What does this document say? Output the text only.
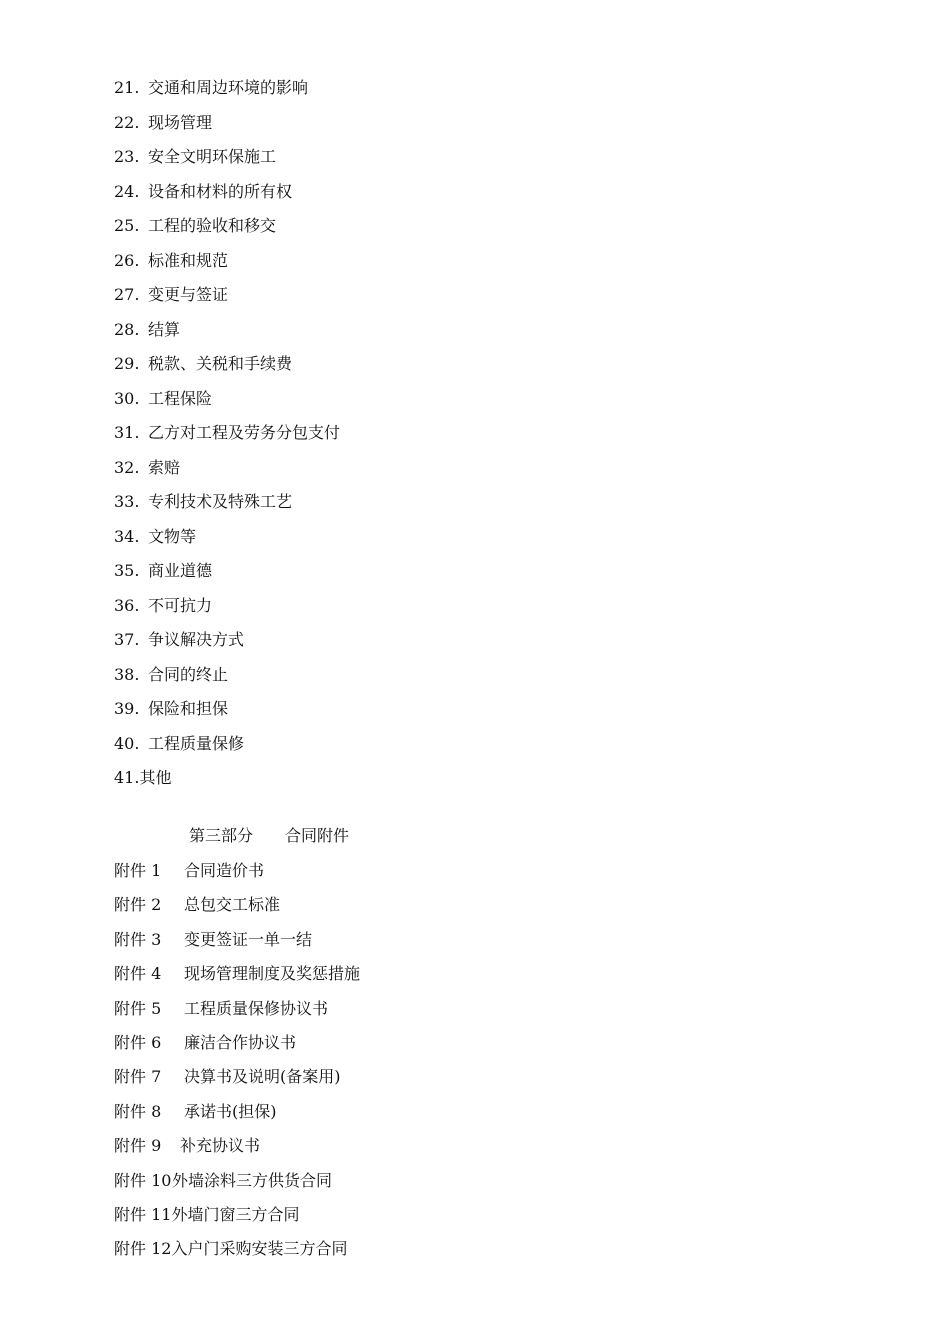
21. 交通和周边环境的影响
22. 现场管理
23. 安全文明环保施工
24. 设备和材料的所有权
25. 工程的验收和移交
26. 标准和规范
27. 变更与签证
28. 结算
29. 税款、关税和手续费
30. 工程保险
31. 乙方对工程及劳务分包支付
32. 索赔
33. 专利技术及特殊工艺
34. 文物等
35. 商业道德
36. 不可抗力
37. 争议解决方式
38. 合同的终止
39. 保险和担保
40. 工程质量保修
41.其他
第三部分 合同附件
附件 1 合同造价书
附件 2 总包交工标准
附件 3 变更签证一单一结
附件 4 现场管理制度及奖惩措施
附件 5 工程质量保修协议书
附件 6 廉洁合作协议书
附件 7 决算书及说明(备案用)
附件 8 承诺书(担保)
附件 9 补充协议书
附件 10外墙涂料三方供货合同
附件 11外墙门窗三方合同
附件 12入户门采购安装三方合同
